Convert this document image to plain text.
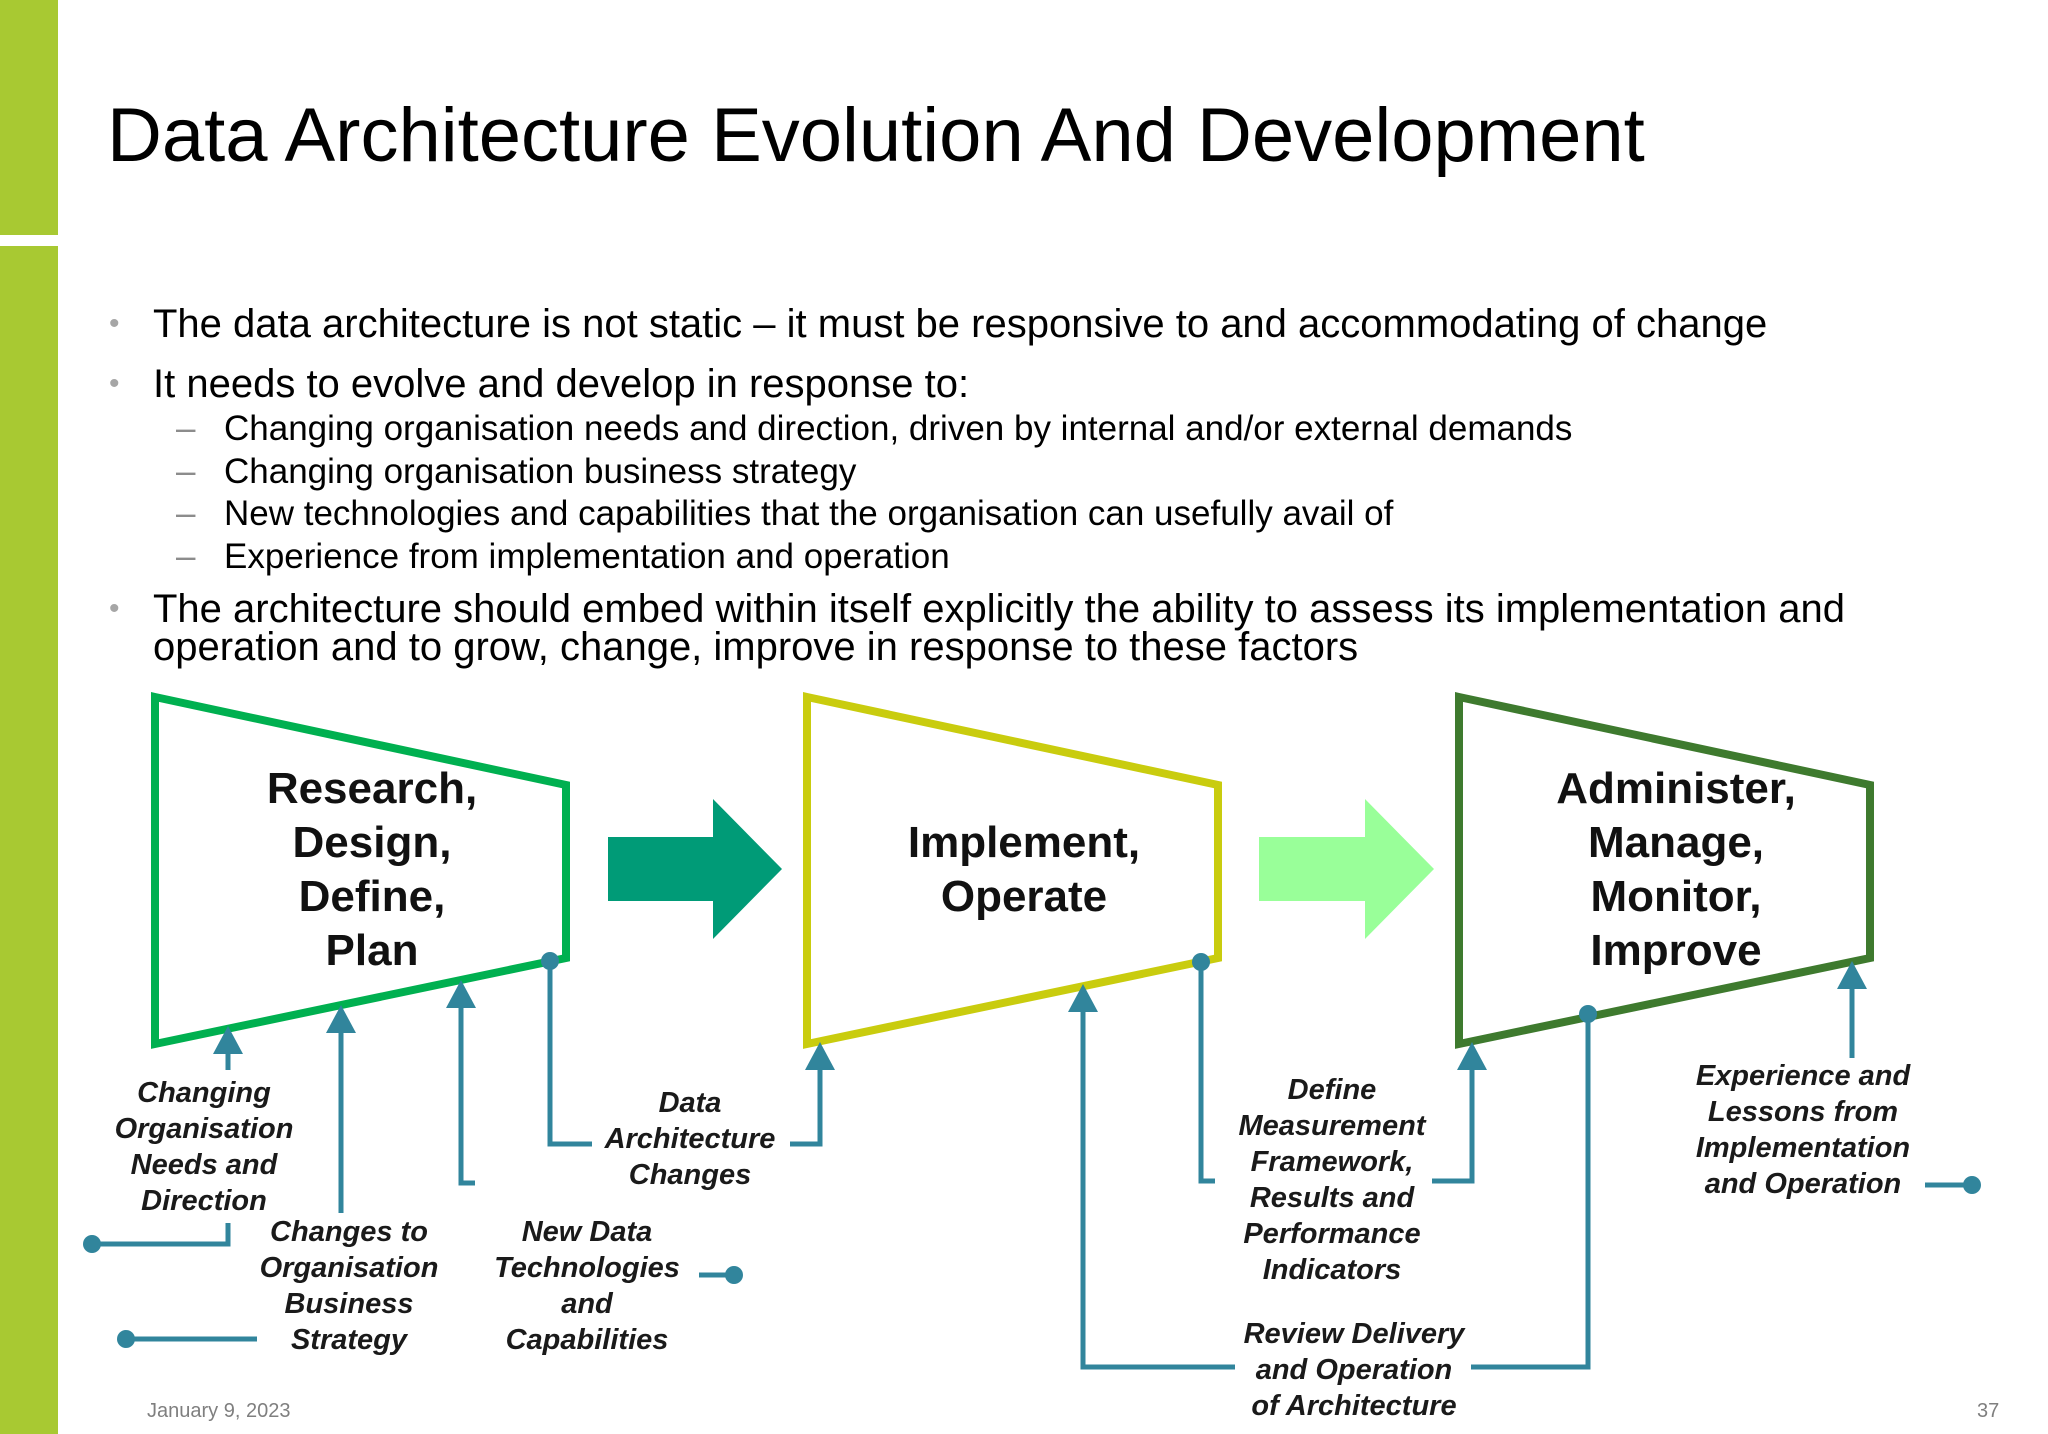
Data Architecture Evolution And Development
• The data architecture is not static – it must be responsive to and accommodating of change
• It needs to evolve and develop in response to:
– Changing organisation needs and direction, driven by internal and/or external demands
– Changing organisation business strategy
– New technologies and capabilities that the organisation can usefully avail of
– Experience from implementation and operation
• The architecture should embed within itself explicitly the ability to assess its implementation and operation and to grow, change, improve in response to these factors
Research,
Design,
Define,
Plan
Implement,
Operate
Administer,
Manage,
Monitor,
Improve
Changing
Organisation
Needs and
Direction
Changes to
Organisation
Business
Strategy
New Data
Technologies
and
Capabilities
Data
Architecture
Changes
Define
Measurement
Framework,
Results and
Performance
Indicators
Review Delivery
and Operation
of Architecture
Experience and
Lessons from
Implementation
and Operation
January 9, 2023	37
